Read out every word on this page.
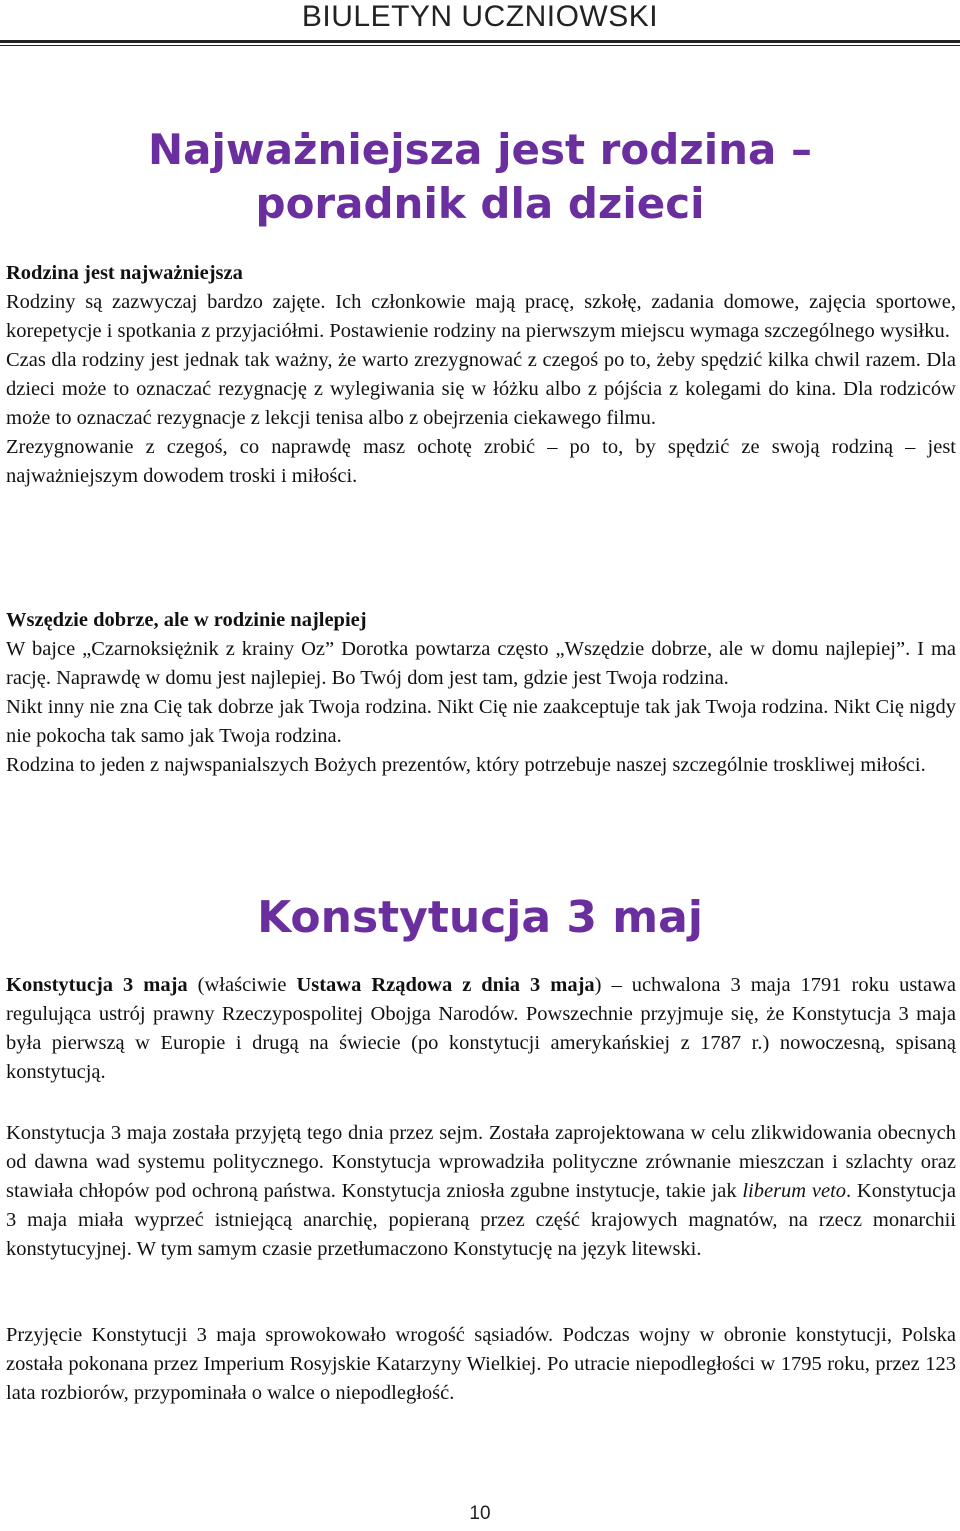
BIULETYN UCZNIOWSKI
Najważniejsza jest rodzina –
poradnik dla dzieci

Rodzina jest najważniejsza

Rodziny są zazwyczaj bardzo zajęte. Ich członkowie mają pracę, szkołę, zadania domowe, zajęcia sportowe, korepetycje i spotkania z przyjaciółmi. Postawienie rodziny na pierwszym miejscu wymaga szczególnego wysiłku.

Czas dla rodziny jest jednak tak ważny, że warto zrezygnować z czegoś po to, żeby spędzić kilka chwil razem. Dla dzieci może to oznaczać rezygnację z wylegiwania się w łóżku albo z pójścia z kolegami do kina. Dla rodziców może to oznaczać rezygnacje z lekcji tenisa albo z obejrzenia ciekawego filmu.

Zrezygnowanie z czegoś, co naprawdę masz ochotę zrobić – po to, by spędzić ze swoją rodziną – jest najważniejszym dowodem troski i miłości.

Wszędzie dobrze, ale w rodzinie najlepiej

W bajce „Czarnoksiężnik z krainy Oz” Dorotka powtarza często „Wszędzie dobrze, ale w domu najlepiej”. I ma rację. Naprawdę w domu jest najlepiej. Bo Twój dom jest tam, gdzie jest Twoja rodzina.

Nikt inny nie zna Cię tak dobrze jak Twoja rodzina. Nikt Cię nie zaakceptuje tak jak Twoja rodzina. Nikt Cię nigdy nie pokocha tak samo jak Twoja rodzina.

Rodzina to jeden z najwspanialszych Bożych prezentów, który potrzebuje naszej szczególnie troskliwej miłości.

Konstytucja 3 maj

Konstytucja 3 maja (właściwie Ustawa Rządowa z dnia 3 maja) – uchwalona 3 maja 1791 roku ustawa regulująca ustrój prawny Rzeczypospolitej Obojga Narodów. Powszechnie przyjmuje się, że Konstytucja 3 maja była pierwszą w Europie i drugą na świecie (po konstytucji amerykańskiej z 1787 r.) nowoczesną, spisaną konstytucją.

Konstytucja 3 maja została przyjętą tego dnia przez sejm. Została zaprojektowana w celu zlikwidowania obecnych od dawna wad systemu politycznego. Konstytucja wprowadziła polityczne zrównanie mieszczan i szlachty oraz stawiała chłopów pod ochroną państwa. Konstytucja zniosła zgubne instytucje, takie jak liberum veto. Konstytucja 3 maja miała wyprzeć istniejącą anarchię, popieraną przez część krajowych magnatów, na rzecz monarchii konstytucyjnej. W tym samym czasie przetłumaczono Konstytucję na język litewski.

Przyjęcie Konstytucji 3 maja sprowokowało wrogość sąsiadów. Podczas wojny w obronie konstytucji, Polska została pokonana przez Imperium Rosyjskie Katarzyny Wielkiej. Po utracie niepodległości w 1795 roku, przez 123 lata rozbiorów, przypominała o walce o niepodległość.

10
